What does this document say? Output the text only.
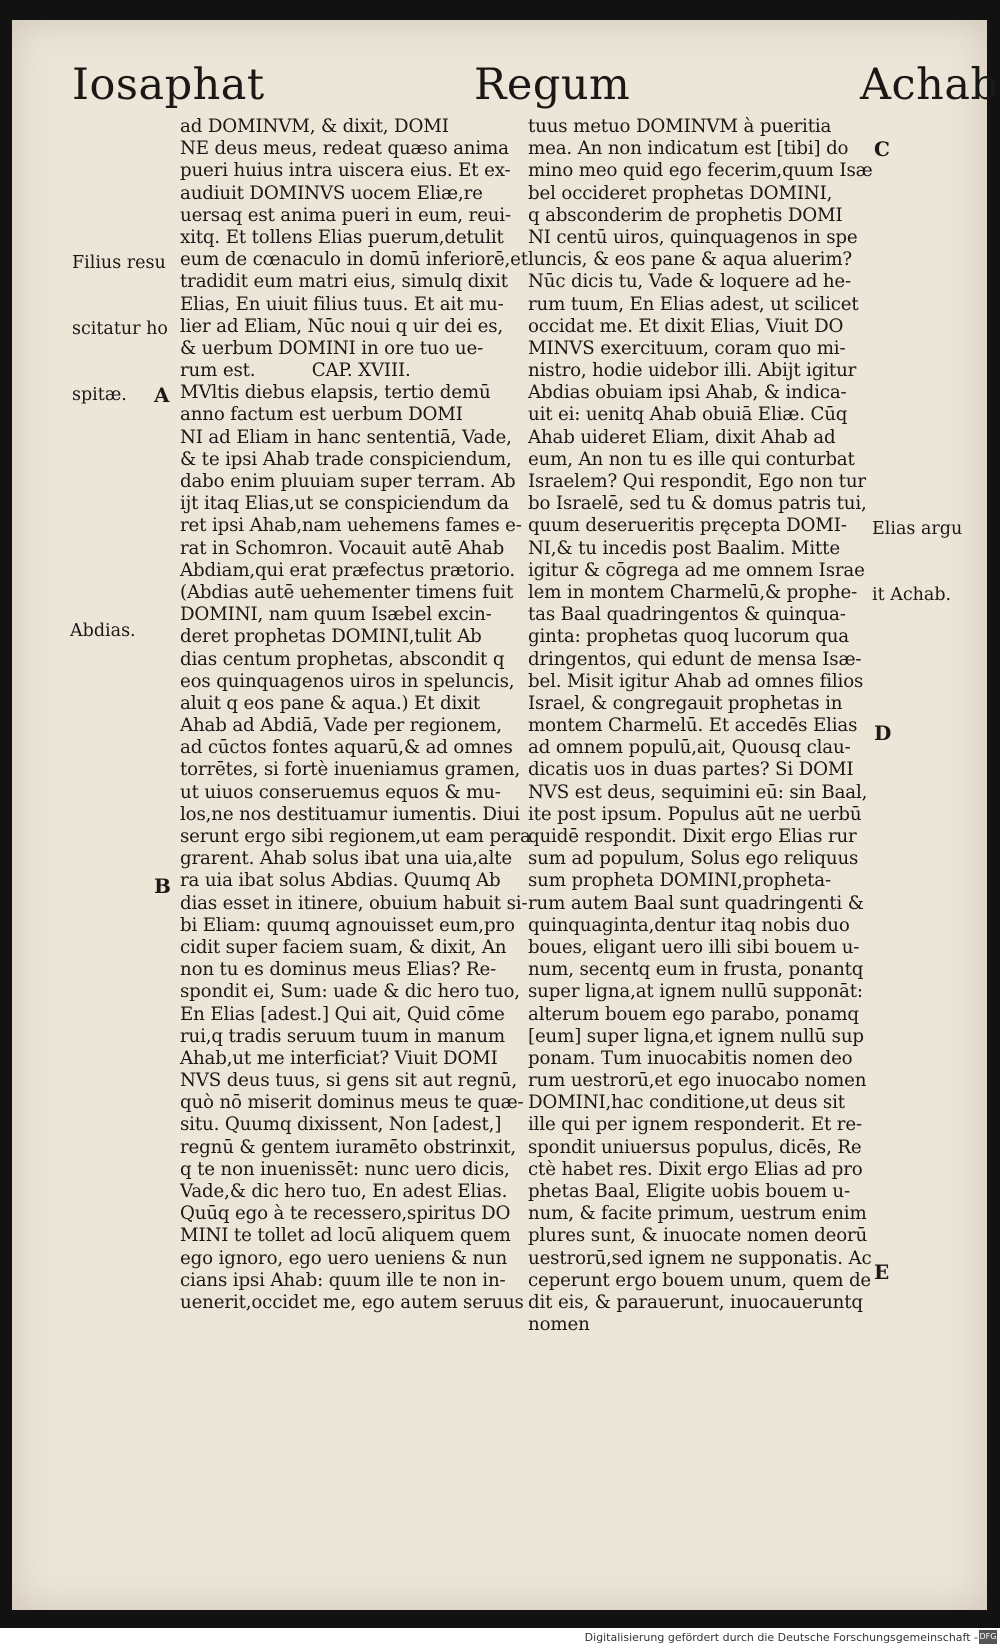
Iosaphat	Regum	Achab

Filius resu

scitatur ho

spitæ.

Abdias.

Elias argu

it Achab.

A
B
C
D
E
ad DOMINVM, & dixit, DOMI
NE deus meus, redeat quæso anima
pueri huius intra uiscera eius. Et ex-
audiuit DOMINVS uocem Eliæ,re
uersaq est anima pueri in eum, reui-
xitq. Et tollens Elias puerum,detulit
eum de cœnaculo in domū inferiorē,et
tradidit eum matri eius, simulq dixit
Elias, En uiuit filius tuus. Et ait mu-
lier ad Eliam, Nūc noui q uir dei es,
& uerbum DOMINI in ore tuo ue-
rum est.          CAP. XVIII.
MVltis diebus elapsis, tertio demū
anno factum est uerbum DOMI
NI ad Eliam in hanc sententiā, Vade,
& te ipsi Ahab trade conspiciendum,
dabo enim pluuiam super terram. Ab
ijt itaq Elias,ut se conspiciendum da
ret ipsi Ahab,nam uehemens fames e-
rat in Schomron. Vocauit autē Ahab
Abdiam,qui erat præfectus prætorio.
(Abdias autē uehementer timens fuit
DOMINI, nam quum Isæbel excin-
deret prophetas DOMINI,tulit Ab
dias centum prophetas, abscondit q
eos quinquagenos uiros in speluncis,
aluit q eos pane & aqua.) Et dixit
Ahab ad Abdiā, Vade per regionem,
ad cūctos fontes aquarū,& ad omnes
torrētes, si fortè inueniamus gramen,
ut uiuos conseruemus equos & mu-
los,ne nos destituamur iumentis. Diui
serunt ergo sibi regionem,ut eam pera
grarent. Ahab solus ibat una uia,alte
ra uia ibat solus Abdias. Quumq Ab
dias esset in itinere, obuium habuit si-
bi Eliam: quumq agnouisset eum,pro
cidit super faciem suam, & dixit, An
non tu es dominus meus Elias? Re-
spondit ei, Sum: uade & dic hero tuo,
En Elias [adest.] Qui ait, Quid cōme
rui,q tradis seruum tuum in manum
Ahab,ut me interficiat? Viuit DOMI
NVS deus tuus, si gens sit aut regnū,
quò nō miserit dominus meus te quæ-
situ. Quumq dixissent, Non [adest,]
regnū & gentem iuramēto obstrinxit,
q te non inuenissēt: nunc uero dicis,
Vade,& dic hero tuo, En adest Elias.
Quūq ego à te recessero,spiritus DO
MINI te tollet ad locū aliquem quem
ego ignoro, ego uero ueniens & nun
cians ipsi Ahab: quum ille te non in-
uenerit,occidet me, ego autem seruus
tuus metuo DOMINVM à pueritia
mea. An non indicatum est [tibi] do
mino meo quid ego fecerim,quum Isæ
bel occideret prophetas DOMINI,
q absconderim de prophetis DOMI
NI centū uiros, quinquagenos in spe
luncis, & eos pane & aqua aluerim?
Nūc dicis tu, Vade & loquere ad he-
rum tuum, En Elias adest, ut scilicet
occidat me. Et dixit Elias, Viuit DO
MINVS exercituum, coram quo mi-
nistro, hodie uidebor illi. Abijt igitur
Abdias obuiam ipsi Ahab, & indica-
uit ei: uenitq Ahab obuiā Eliæ. Cūq
Ahab uideret Eliam, dixit Ahab ad
eum, An non tu es ille qui conturbat
Israelem? Qui respondit, Ego non tur
bo Israelē, sed tu & domus patris tui,
quum deserueritis pręcepta DOMI-
NI,& tu incedis post Baalim. Mitte
igitur & cōgrega ad me omnem Israe
lem in montem Charmelū,& prophe-
tas Baal quadringentos & quinqua-
ginta: prophetas quoq lucorum qua
dringentos, qui edunt de mensa Isæ-
bel. Misit igitur Ahab ad omnes filios
Israel, & congregauit prophetas in
montem Charmelū. Et accedēs Elias
ad omnem populū,ait, Quousq clau-
dicatis uos in duas partes? Si DOMI
NVS est deus, sequimini eū: sin Baal,
ite post ipsum. Populus aūt ne uerbū
quidē respondit. Dixit ergo Elias rur
sum ad populum, Solus ego reliquus
sum propheta DOMINI,propheta-
rum autem Baal sunt quadringenti &
quinquaginta,dentur itaq nobis duo
boues, eligant uero illi sibi bouem u-
num, secentq eum in frusta, ponantq
super ligna,at ignem nullū supponāt:
alterum bouem ego parabo, ponamq
[eum] super ligna,et ignem nullū sup
ponam. Tum inuocabitis nomen deo
rum uestrorū,et ego inuocabo nomen
DOMINI,hac conditione,ut deus sit
ille qui per ignem responderit. Et re-
spondit uniuersus populus, dicēs, Re
ctè habet res. Dixit ergo Elias ad pro
phetas Baal, Eligite uobis bouem u-
num, & facite primum, uestrum enim
plures sunt, & inuocate nomen deorū
uestrorū,sed ignem ne supponatis. Ac
ceperunt ergo bouem unum, quem de
dit eis, & parauerunt, inuocaueruntq
nomen
Digitalisierung gefördert durch die Deutsche Forschungsgemeinschaft - DFG
